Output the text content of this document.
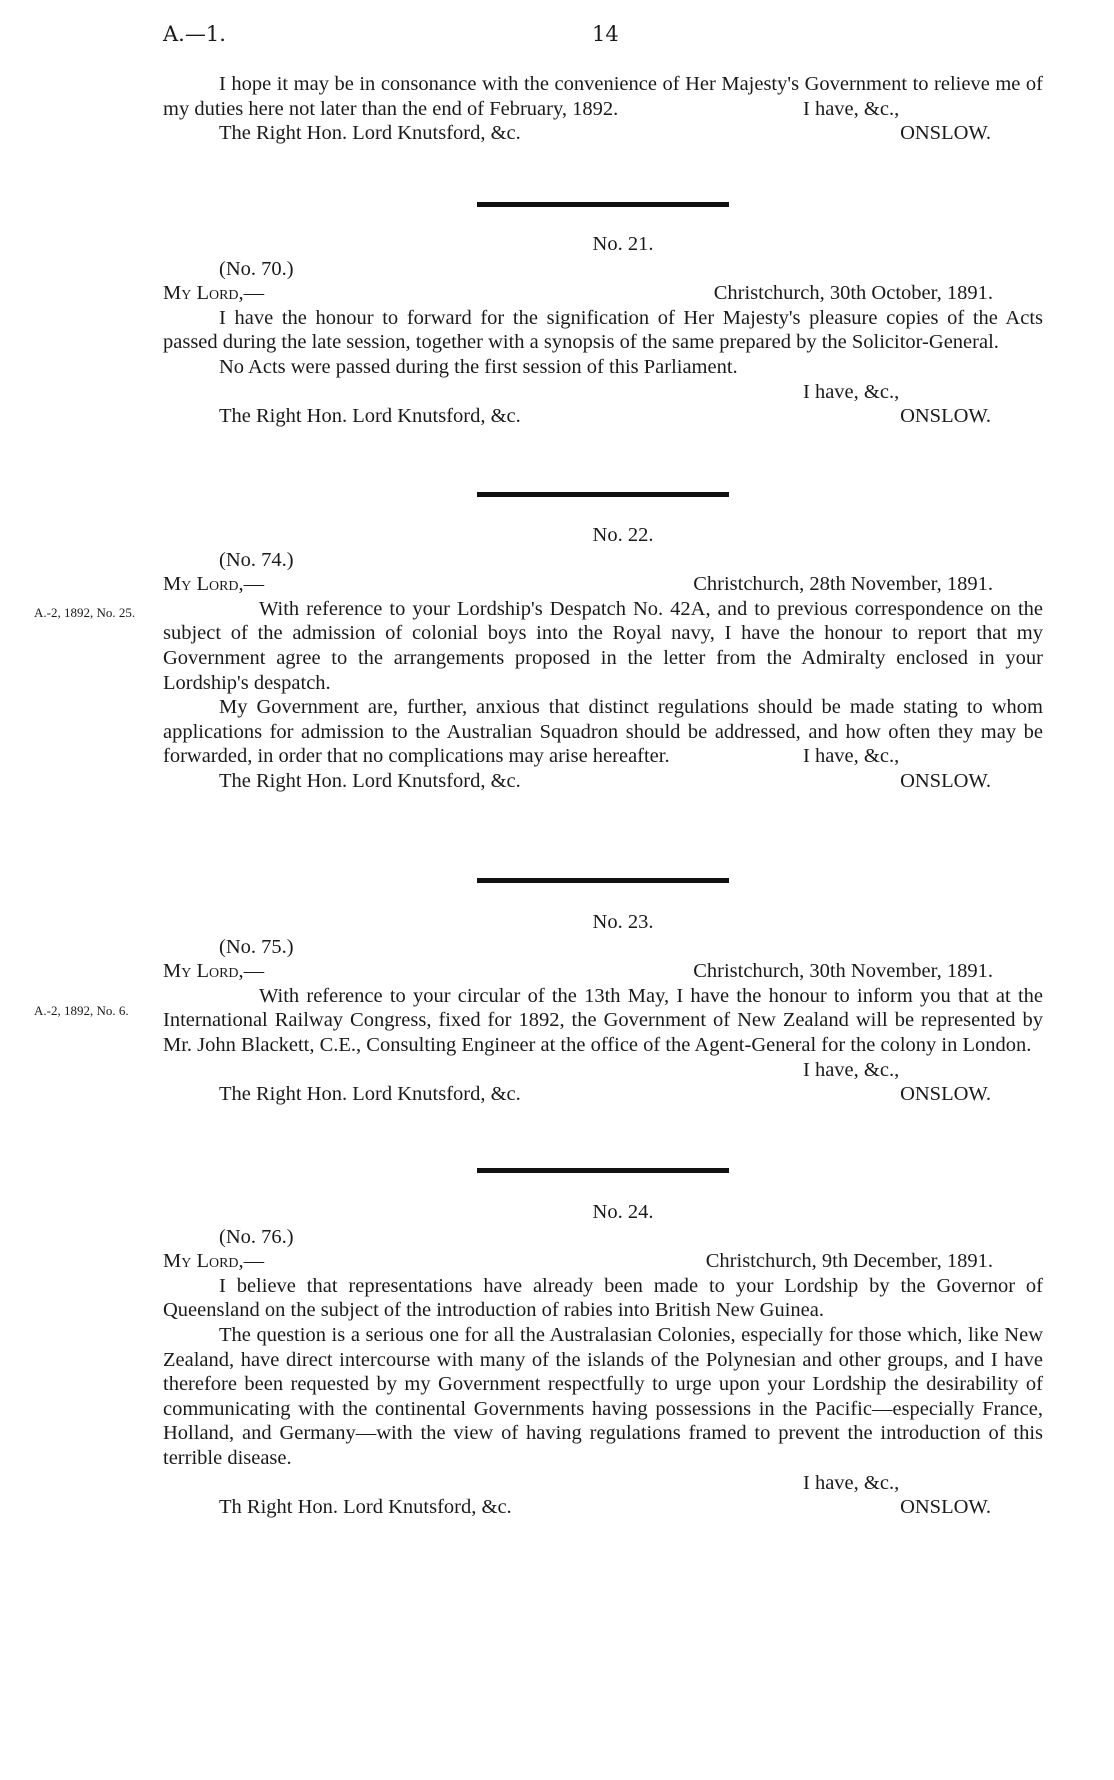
A.—1.	14

I hope it may be in consonance with the convenience of Her Majesty's Government to relieve me of my duties here not later than the end of February, 1892.	I have, &c.,
The Right Hon. Lord Knutsford, &c.	ONSLOW.

No. 21.

(No. 70.)
My Lord,—	Christchurch, 30th October, 1891.

I have the honour to forward for the signification of Her Majesty's pleasure copies of the Acts passed during the late session, together with a synopsis of the same prepared by the Solicitor-General.

No Acts were passed during the first session of this Parliament.

I have, &c.,
The Right Hon. Lord Knutsford, &c.	ONSLOW.
A.-2, 1892, No. 25.

No. 22.

(No. 74.)
My Lord,—	Christchurch, 28th November, 1891.

With reference to your Lordship's Despatch No. 42A, and to previous correspondence on the subject of the admission of colonial boys into the Royal navy, I have the honour to report that my Government agree to the arrangements proposed in the letter from the Admiralty enclosed in your Lordship's despatch.

My Government are, further, anxious that distinct regulations should be made stating to whom applications for admission to the Australian Squadron should be addressed, and how often they may be forwarded, in order that no complications may arise hereafter.	I have, &c.,
The Right Hon. Lord Knutsford, &c.	ONSLOW.
A.-2, 1892, No. 6.

No. 23.

(No. 75.)
My Lord,—	Christchurch, 30th November, 1891.

With reference to your circular of the 13th May, I have the honour to inform you that at the International Railway Congress, fixed for 1892, the Government of New Zealand will be represented by Mr. John Blackett, C.E., Consulting Engineer at the office of the Agent-General for the colony in London.

I have, &c.,
The Right Hon. Lord Knutsford, &c.	ONSLOW.

No. 24.

(No. 76.)
My Lord,—	Christchurch, 9th December, 1891.

I believe that representations have already been made to your Lordship by the Governor of Queensland on the subject of the introduction of rabies into British New Guinea.

The question is a serious one for all the Australasian Colonies, especially for those which, like New Zealand, have direct intercourse with many of the islands of the Polynesian and other groups, and I have therefore been requested by my Government respectfully to urge upon your Lordship the desirability of communicating with the continental Governments having possessions in the Pacific—especially France, Holland, and Germany—with the view of having regulations framed to prevent the introduction of this terrible disease.

I have, &c.,
Th Right Hon. Lord Knutsford, &c.	ONSLOW.
